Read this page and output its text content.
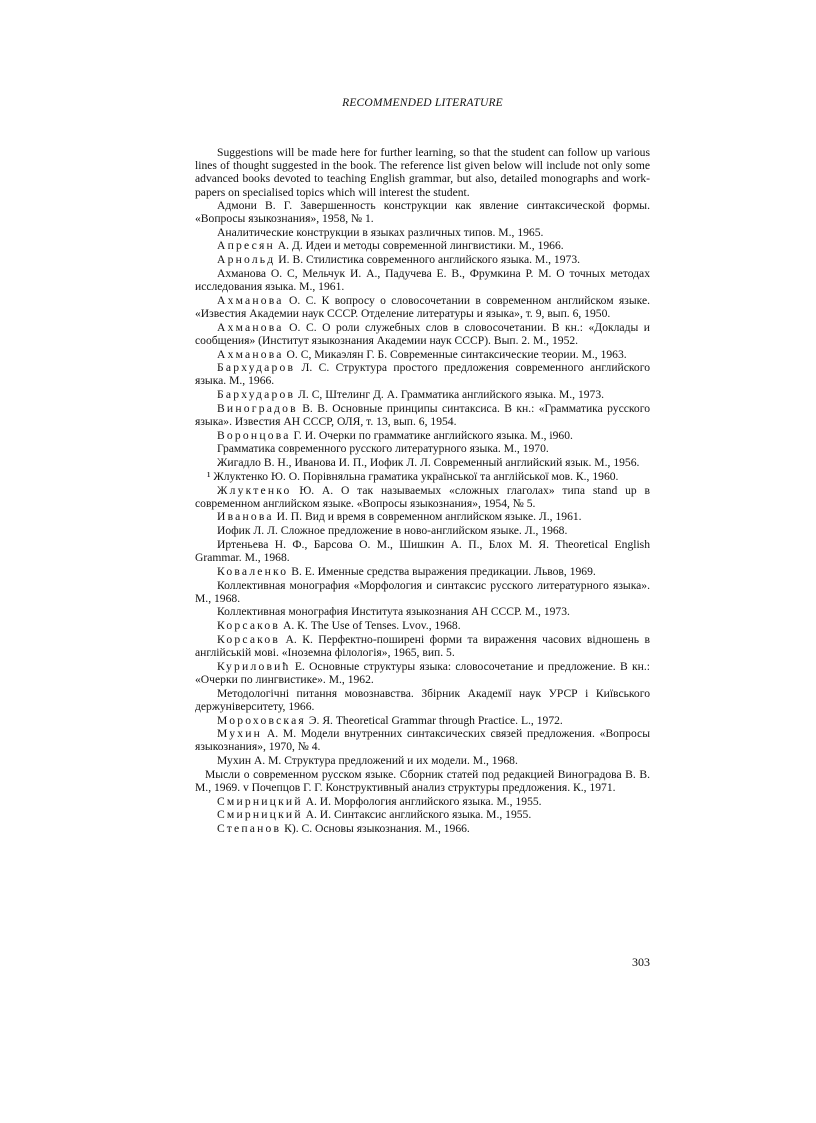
RECOMMENDED LITERATURE

Suggestions will be made here for further learning, so that the student can follow up various lines of thought suggested in the book. The reference list given below will include not only some advanced books devoted to teaching English grammar, but also, detailed monographs and work-papers on specialised topics which will interest the student.

Адмони В. Г. Завершенность конструкции как явление синтаксической формы. «Вопросы языкознания», 1958, № 1.

Аналитические конструкции в языках различных типов. М., 1965.

Апресян А. Д. Идеи и методы современной лингвистики. М., 1966.

Арнольд И. В. Стилистика современного английского языка. М., 1973.

Ахманова О. С, Мельчук И. А., Падучева Е. В., Фрумкина Р. М. О точных методах исследования языка. М., 1961.

Ахманова О. С. К вопросу о словосочетании в современном английском языке. «Известия Академии наук СССР. Отделение литературы и языка», т. 9, вып. 6, 1950.

Ахманова О. С. О роли служебных слов в словосочетании. В кн.: «Доклады и сообщения» (Институт языкознания Академии наук СССР). Вып. 2. М., 1952.

Ахманова О. С, Микаэлян Г. Б. Современные синтаксические теории. М., 1963.

Бархударов Л. С. Структура простого предложения современного английского языка. М., 1966.

Бархударов Л. С, Штелинг Д. А. Грамматика английского языка. М., 1973.

Виноградов В. В. Основные принципы синтаксиса. В кн.: «Грамматика русского языка». Известия АН СССР, ОЛЯ, т. 13, вып. 6, 1954.

Воронцова Г. И. Очерки по грамматике английского языка. М., і960.

Грамматика современного русского литературного языка. М., 1970.

Жигадло В. Н., Иванова И. П., Иофик Л. Л. Современный английский язык. М., 1956.

¹ Жлуктенко Ю. О. Порівняльна граматика української та англійської мов. К., 1960.

Жлуктенко Ю. А. О так называемых «сложных глаголах» типа stand up в современном английском языке. «Вопросы языкознания», 1954, № 5.

Иванова И. П. Вид и время в современном английском языке. Л., 1961.

Иофик Л. Л. Сложное предложение в ново-английском языке. Л., 1968.

Иртеньева Н. Ф., Барсова О. М., Шишкин А. П., Блох М. Я. Theoretical English Grammar. M., 1968.

Коваленко В. Е. Именные средства выражения предикации. Львов, 1969.

Коллективная монография «Морфология и синтаксис русского литературного языка». М., 1968.

Коллективная монография Института языкознания АН СССР. М., 1973.

Корсаков А. К. The Use of Tenses. Lvov., 1968.

Корсаков А. К. Перфектно-поширені форми та вираження часових відношень в англійській мові. «Іноземна філологія», 1965, вип. 5.

Куриловић Е. Основные структуры языка: словосочетание и предложение. В кн.: «Очерки по лингвистике». М., 1962.

Методологічні питання мовознавства. Збірник Академії наук УРСР і Київського держуніверситету, 1966.

Мороховская Э. Я. Theoretical Grammar through Practice. L., 1972.

Мухин А. М. Модели внутренних синтаксических связей предложения. «Вопросы языкознания», 1970, № 4.

Мухин А. М. Структура предложений и их модели. М., 1968.

Мысли о современном русском языке. Сборник статей под редакцией Виноградова В. В. М., 1969. v Почепцов Г. Г. Конструктивный анализ структуры предложения. К., 1971.

Смирницкий А. И. Морфология английского языка. М., 1955.

Смирницкий А. И. Синтаксис английского языка. М., 1955.

Степанов К). С. Основы языкознания. М., 1966.

303
